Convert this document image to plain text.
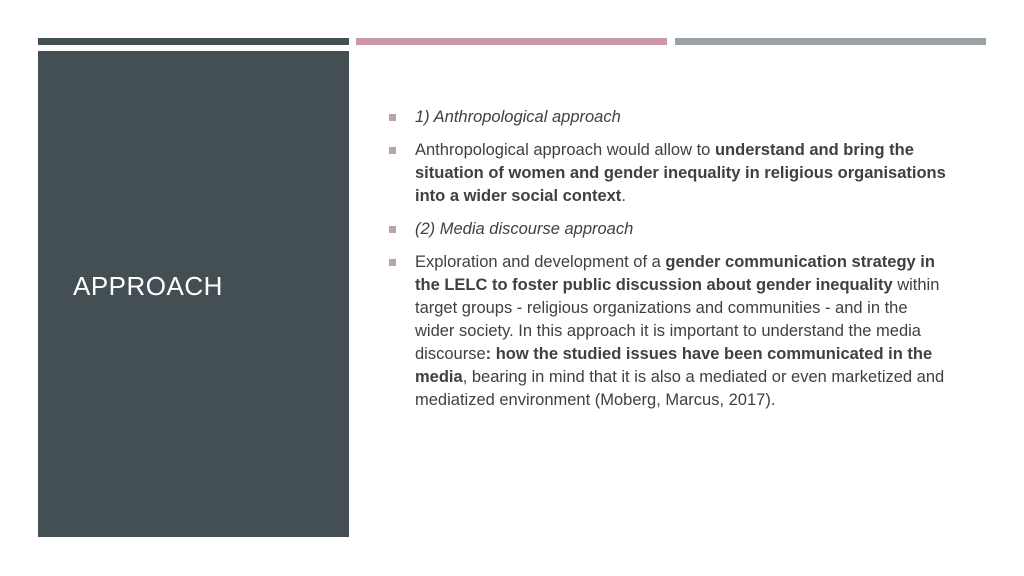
APPROACH
1) Anthropological approach
Anthropological approach would allow to understand and bring the situation of women and gender inequality in religious organisations into a wider social context.
(2) Media discourse approach
Exploration and development of a gender communication strategy in the LELC to foster public discussion about gender inequality within target groups - religious organizations and communities - and in the wider society. In this approach it is important to understand the media discourse: how the studied issues have been communicated in the media, bearing in mind that it is also a mediated or even marketized and mediatized environment (Moberg, Marcus, 2017).
